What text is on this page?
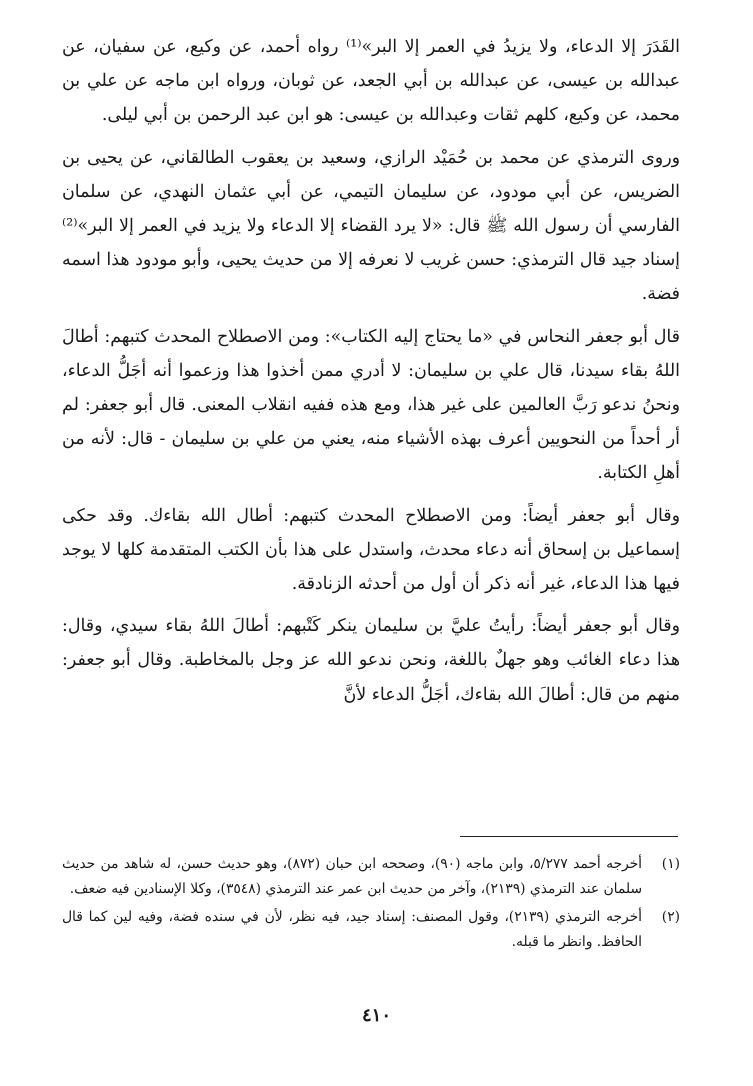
القَدَرَ إلا الدعاء، ولا يزيدُ في العمر إلا البر»⁽¹⁾ رواه أحمد، عن وكيع، عن سفيان، عن عبدالله بن عيسى، عن عبدالله بن أبي الجعد، عن ثوبان، ورواه ابن ماجه عن علي بن محمد، عن وكيع، كلهم ثقات وعبدالله بن عيسى: هو ابن عبد الرحمن بن أبي ليلى.

وروى الترمذي عن محمد بن حُمَيْد الرازي، وسعيد بن يعقوب الطالقاني، عن يحيى بن الضريس، عن أبي مودود، عن سليمان التيمي، عن أبي عثمان النهدي، عن سلمان الفارسي أن رسول الله ﷺ قال: «لا يرد القضاء إلا الدعاء ولا يزيد في العمر إلا البر»⁽²⁾ إسناد جيد قال الترمذي: حسن غريب لا نعرفه إلا من حديث يحيى، وأبو مودود هذا اسمه فضة.

قال أبو جعفر النحاس في «ما يحتاج إليه الكتاب»: ومن الاصطلاح المحدث كتبهم: أطالَ اللهُ بقاء سيدنا، قال علي بن سليمان: لا أدري ممن أخذوا هذا وزعموا أنه أجَلُّ الدعاء، ونحنُ ندعو رَبَّ العالمين على غير هذا، ومع هذه ففيه انقلاب المعنى. قال أبو جعفر: لم أر أحداً من النحويين أعرف بهذه الأشياء منه، يعني من علي بن سليمان - قال: لأنه من أهلِ الكتابة.

وقال أبو جعفر أيضاً: ومن الاصطلاح المحدث كتبهم: أطال الله بقاءك. وقد حكى إسماعيل بن إسحاق أنه دعاء محدث، واستدل على هذا بأن الكتب المتقدمة كلها لا يوجد فيها هذا الدعاء، غير أنه ذكر أن أول من أحدثه الزنادقة.

وقال أبو جعفر أيضاً: رأيتُ عليَّ بن سليمان ينكر كَتْبهم: أطالَ اللهُ بقاء سيدي، وقال: هذا دعاء الغائب وهو جهلٌ باللغة، ونحن ندعو الله عز وجل بالمخاطبة. وقال أبو جعفر: منهم من قال: أطالَ الله بقاءك، أجَلُّ الدعاء لأنَّ

(١)
أخرجه أحمد ٥/٢٧٧، وابن ماجه (٩٠)، وصححه ابن حبان (٨٧٢)، وهو حديث حسن، له شاهد من حديث سلمان عند الترمذي (٢١٣٩)، وآخر من حديث ابن عمر عند الترمذي (٣٥٤٨)، وكلا الإسنادين فيه ضعف.
(٢)
أخرجه الترمذي (٢١٣٩)، وقول المصنف: إسناد جيد، فيه نظر، لأن في سنده فضة، وفيه لين كما قال الحافظ. وانظر ما قبله.
٤١٠
